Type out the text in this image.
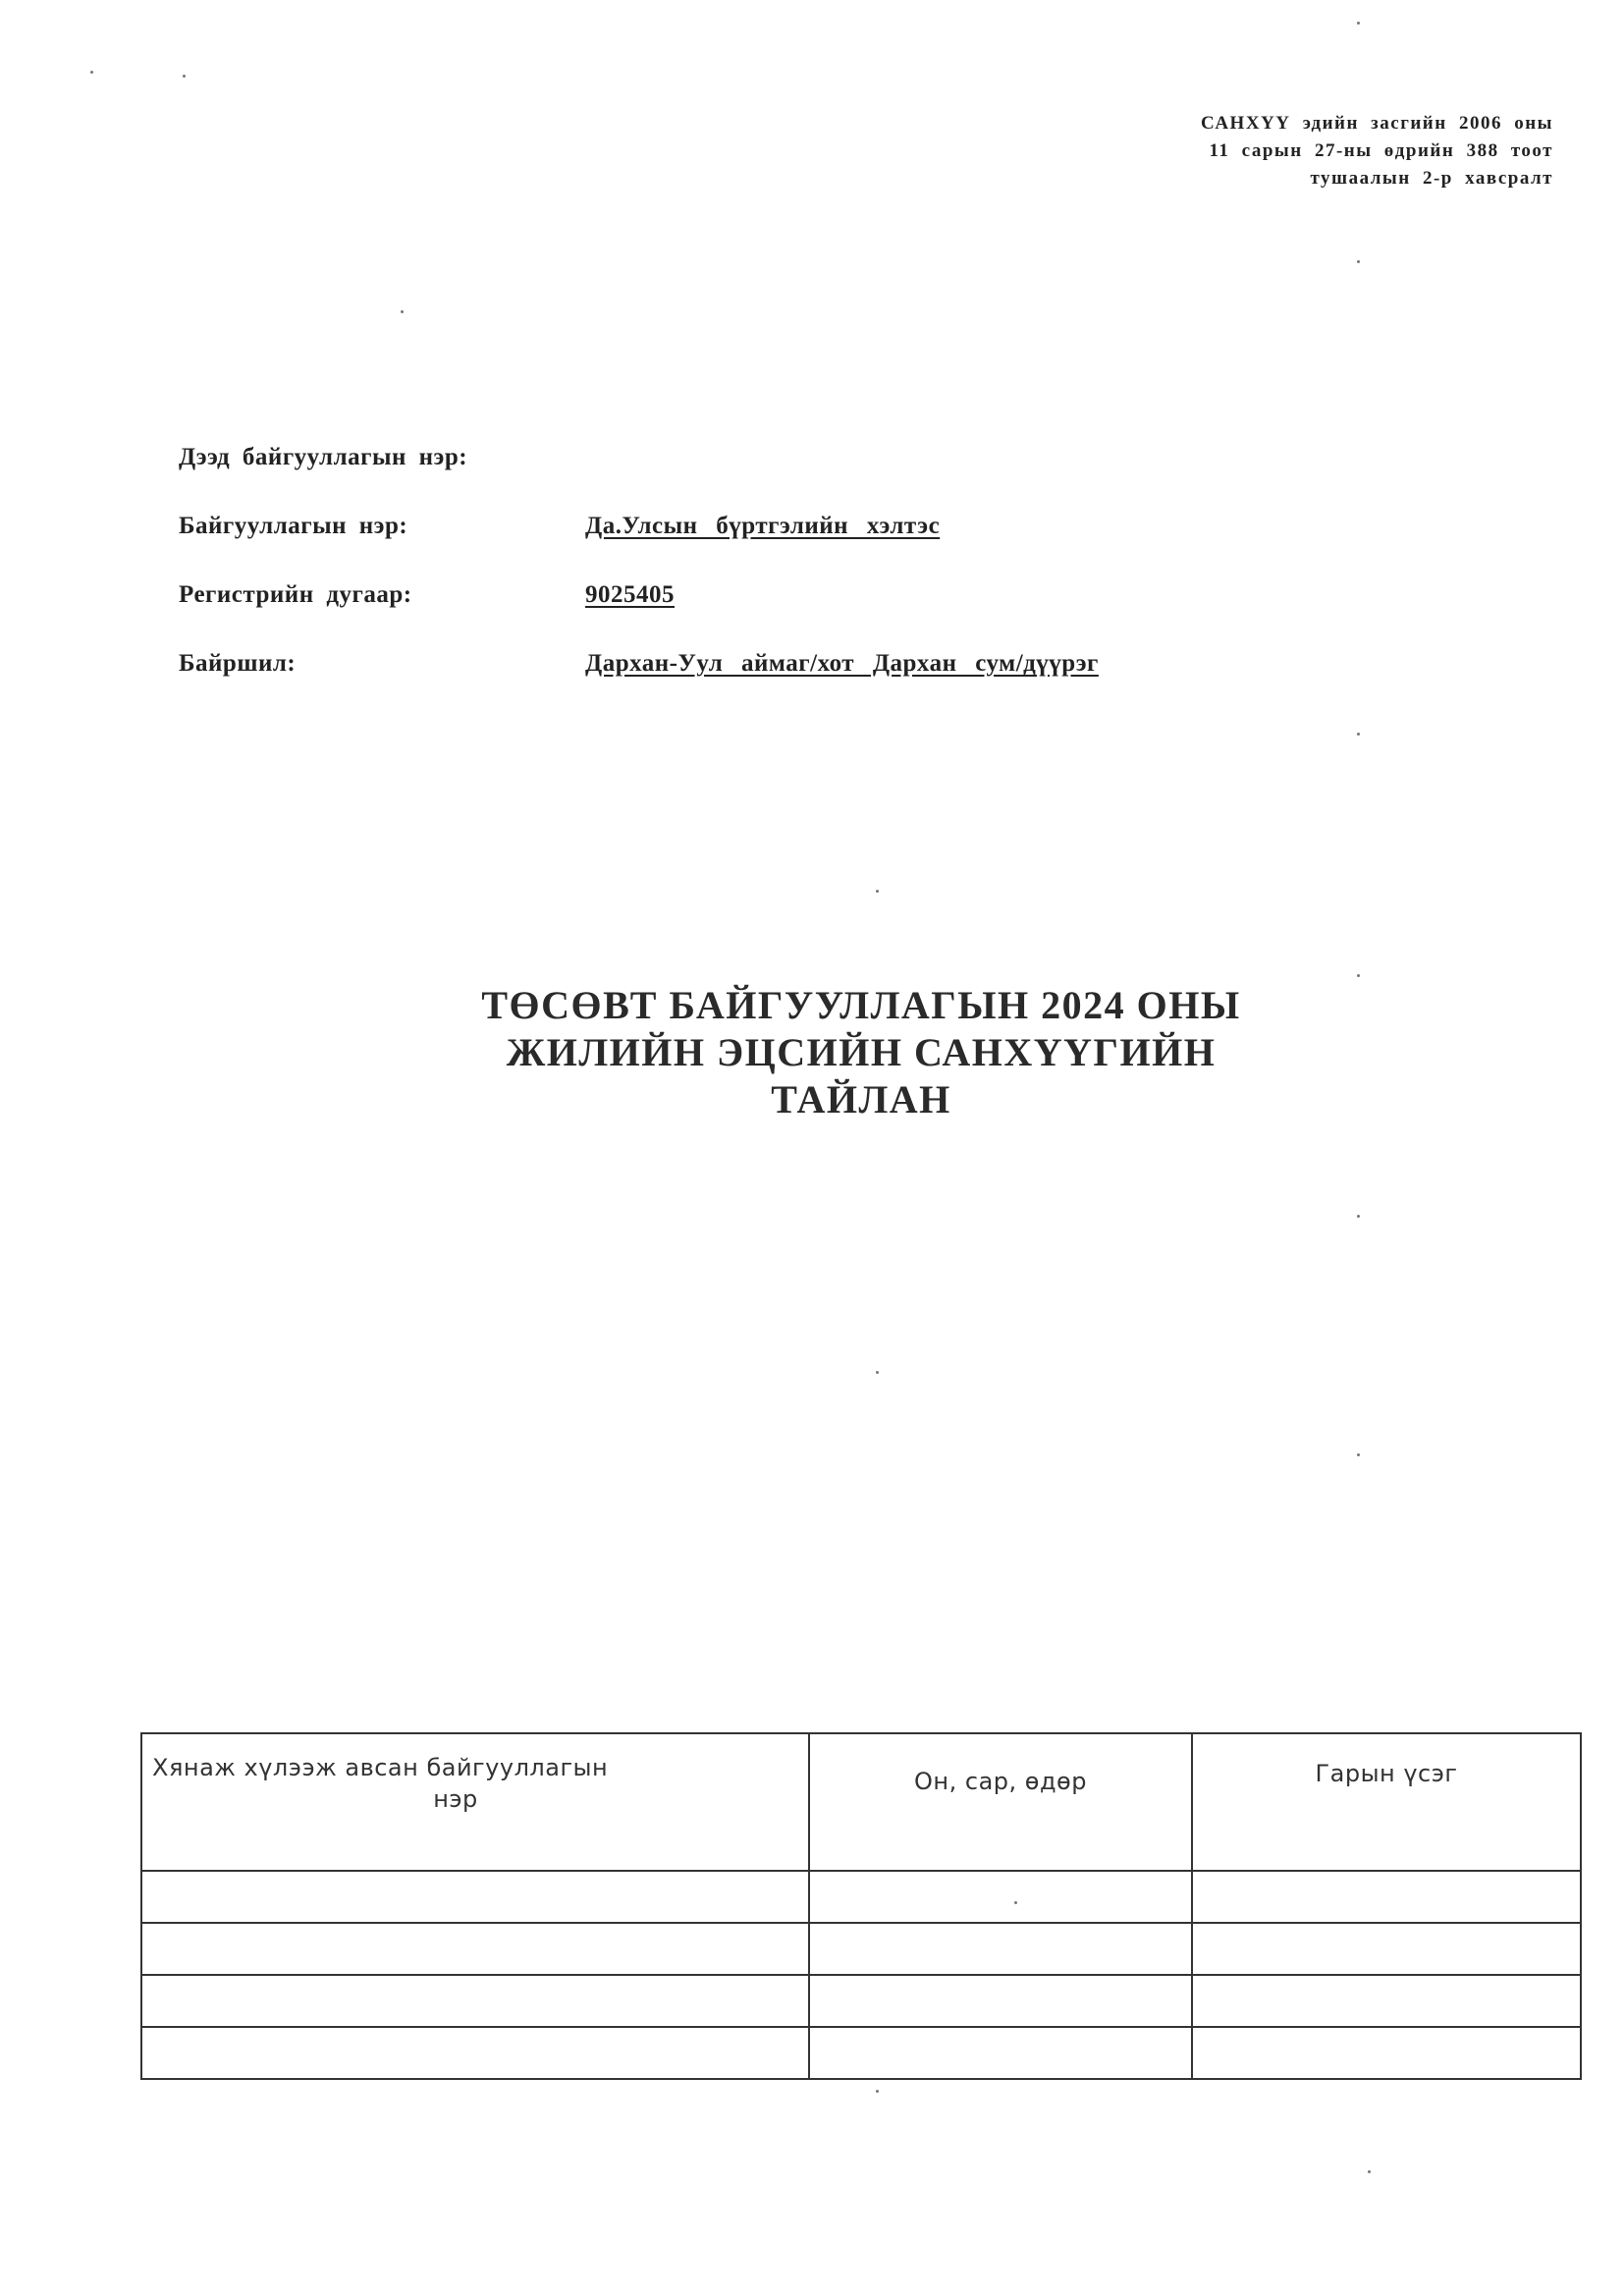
САНХҮҮ эдийн засгийн 2006 оны
11 сарын 27-ны өдрийн 388 тоот
тушаалын 2-р хавсралт
Дээд байгууллагын нэр:
Байгууллагын нэр:	Да.Улсын бүртгэлийн хэлтэс
Регистрийн дугаар:	9025405
Байршил:	Дархан-Уул аймаг/хот Дархан сум/дүүрэг
ТӨСӨВТ БАЙГУУЛЛАГЫН 2024 ОНЫ
ЖИЛИЙН ЭЦСИЙН САНХҮҮГИЙН
ТАЙЛАН
Хянаж хүлээж авсан байгууллагын
нэр	Он, сар, өдөр	Гарын үсэг
